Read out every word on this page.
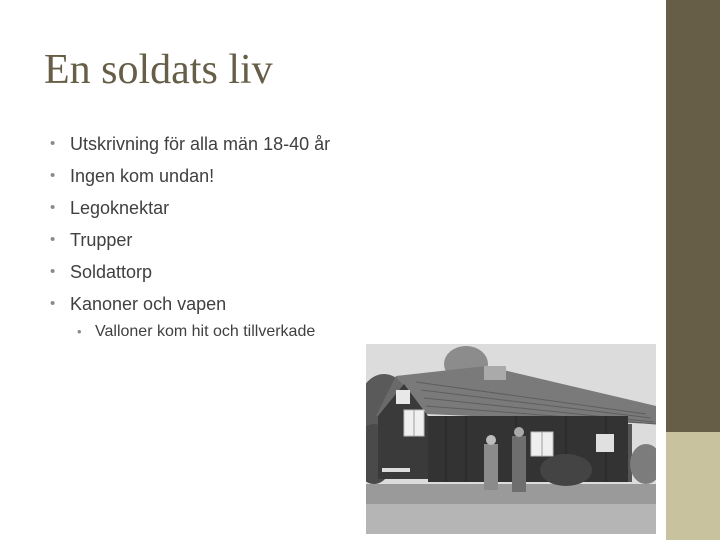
En soldats liv
• Utskrivning för alla män 18-40 år
• Ingen kom undan!
• Legoknektar
• Trupper
• Soldattorp
• Kanoner och vapen
• Valloner kom hit och tillverkade
